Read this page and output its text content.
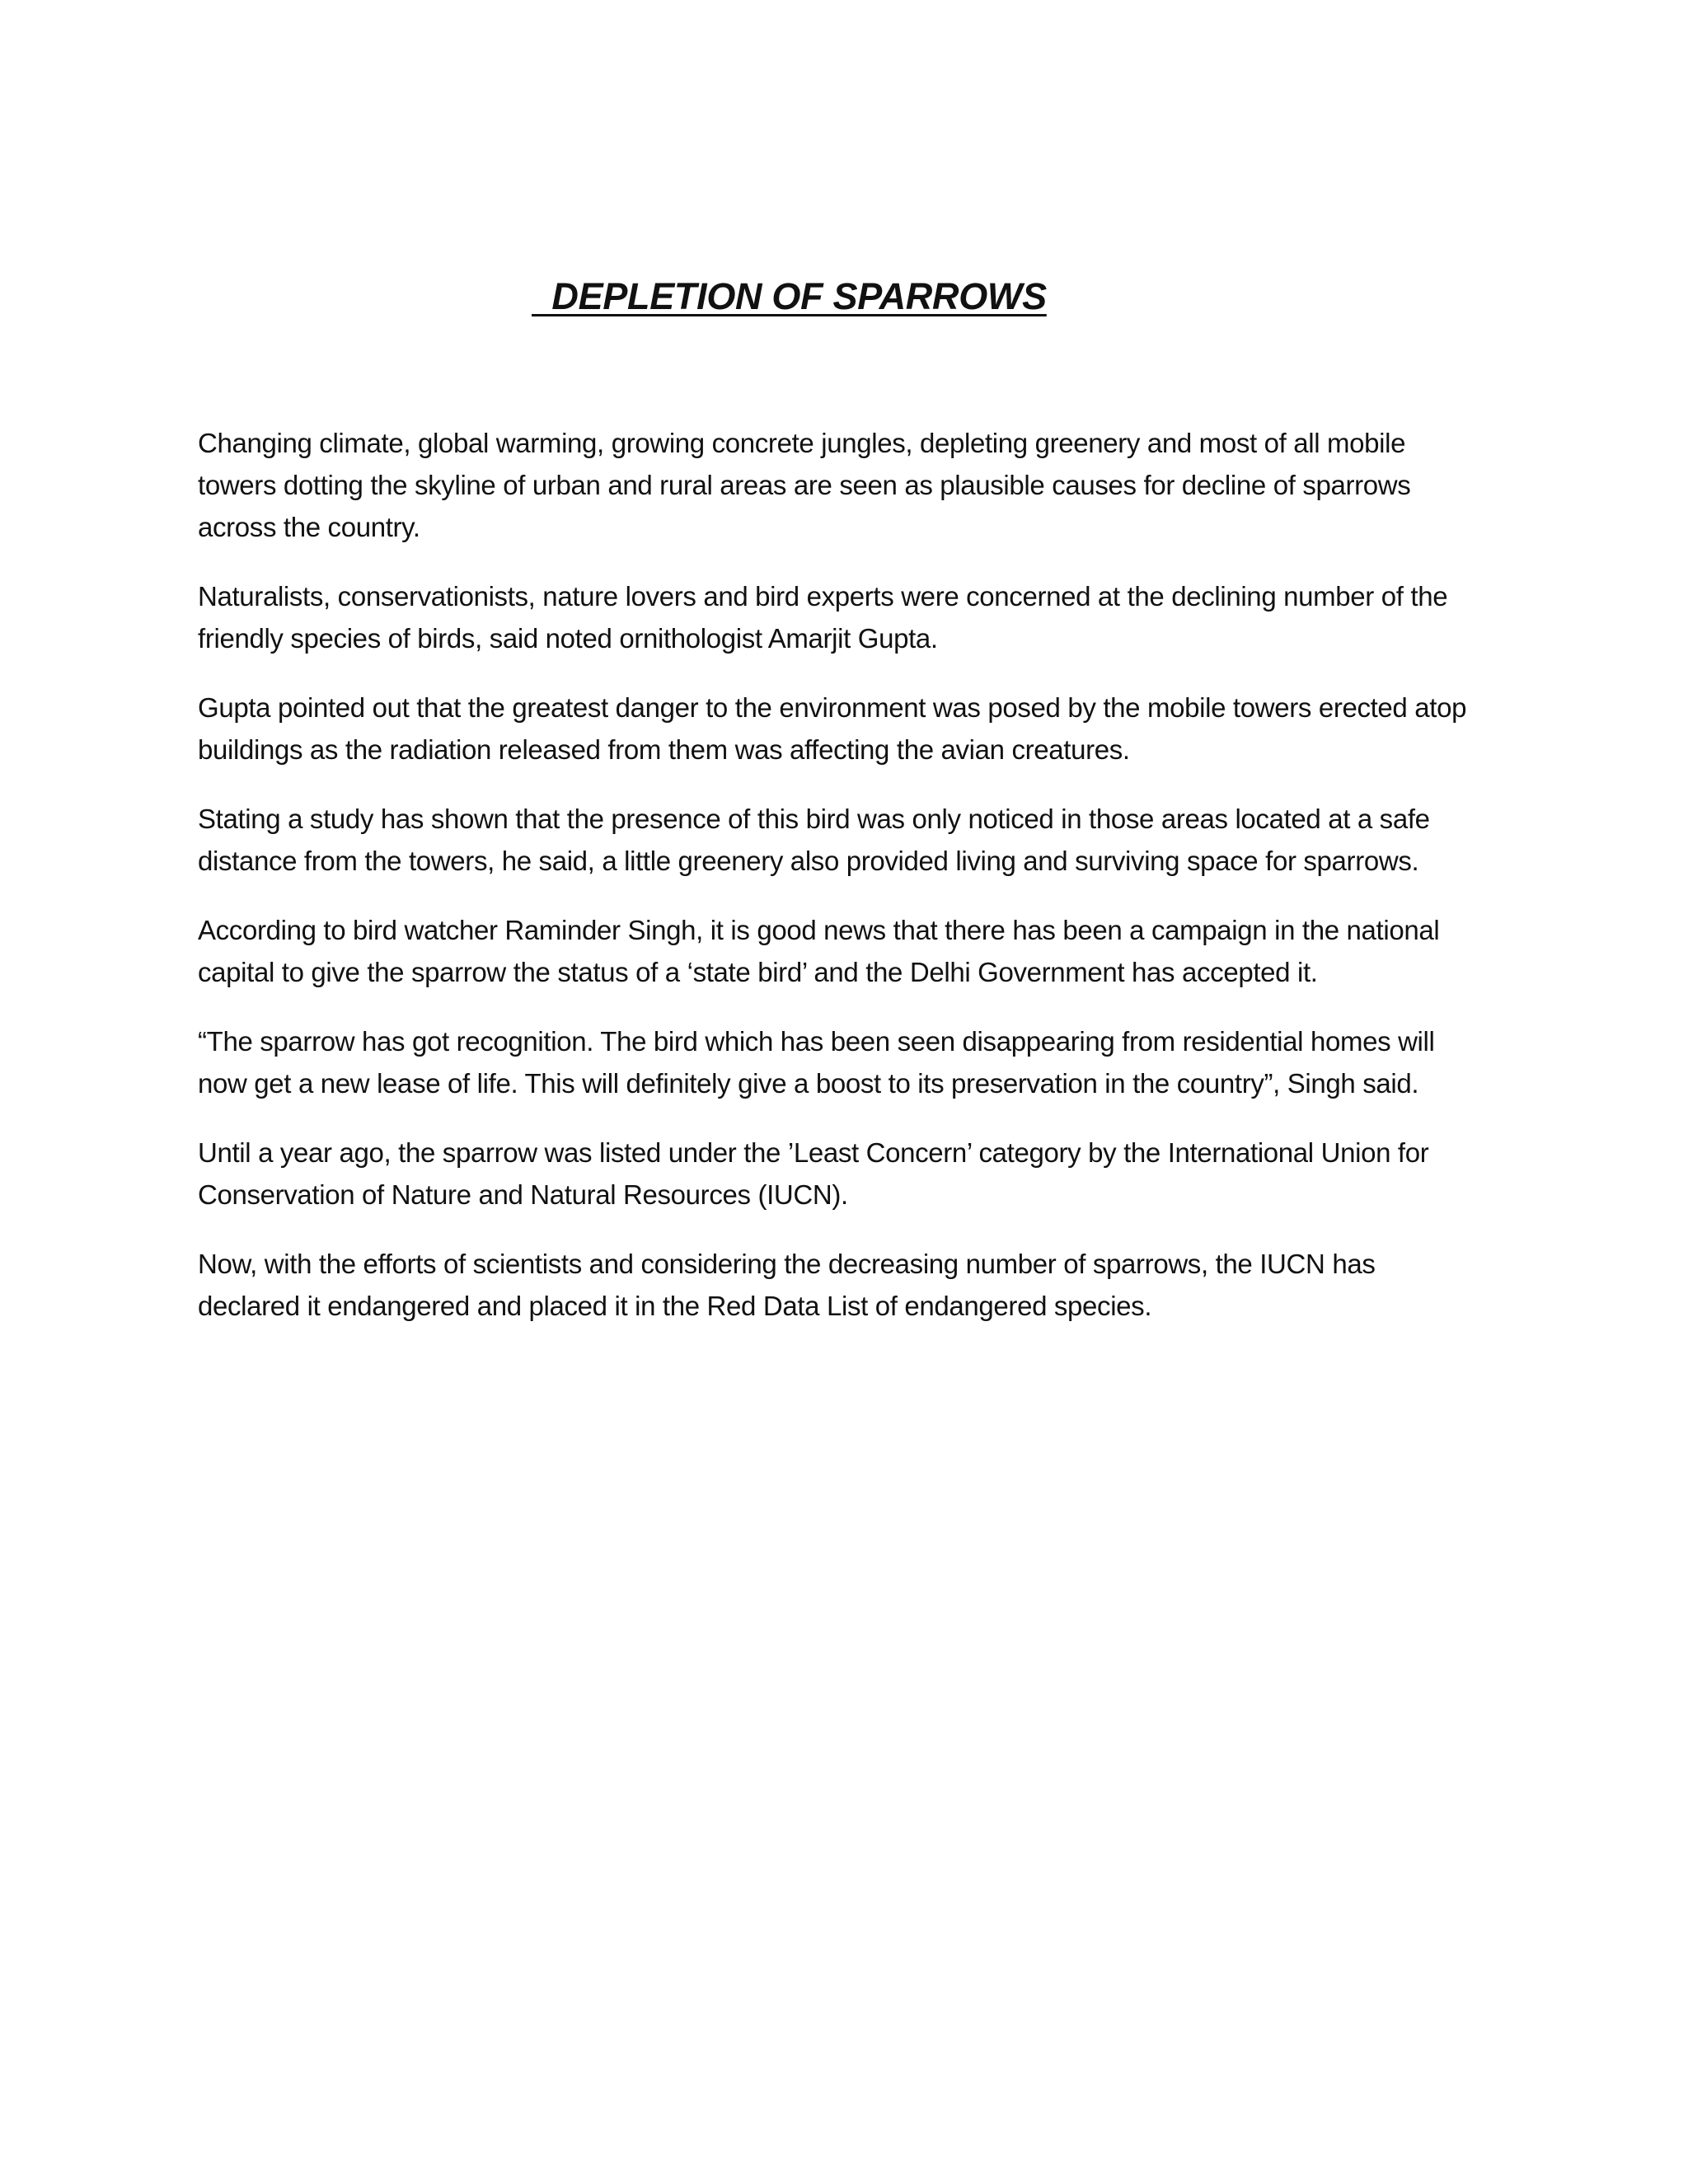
DEPLETION OF SPARROWS

Changing climate, global warming, growing concrete jungles, depleting greenery and most of all mobile towers dotting the skyline of urban and rural areas are seen as plausible causes for decline of sparrows across the country.

Naturalists, conservationists, nature lovers and bird experts were concerned at the declining number of the friendly species of birds, said noted ornithologist Amarjit Gupta.

Gupta pointed out that the greatest danger to the environment was posed by the mobile towers erected atop buildings as the radiation released from them was affecting the avian creatures.

Stating a study has shown that the presence of this bird was only noticed in those areas located at a safe distance from the towers, he said, a little greenery also provided living and surviving space for sparrows.

According to bird watcher Raminder Singh, it is good news that there has been a campaign in the national capital to give the sparrow the status of a ‘state bird’ and the Delhi Government has accepted it.

“The sparrow has got recognition. The bird which has been seen disappearing from residential homes will now get a new lease of life. This will definitely give a boost to its preservation in the country”, Singh said.

Until a year ago, the sparrow was listed under the ’Least Concern’ category by the International Union for Conservation of Nature and Natural Resources (IUCN).

Now, with the efforts of scientists and considering the decreasing number of sparrows, the IUCN has declared it endangered and placed it in the Red Data List of endangered species.
